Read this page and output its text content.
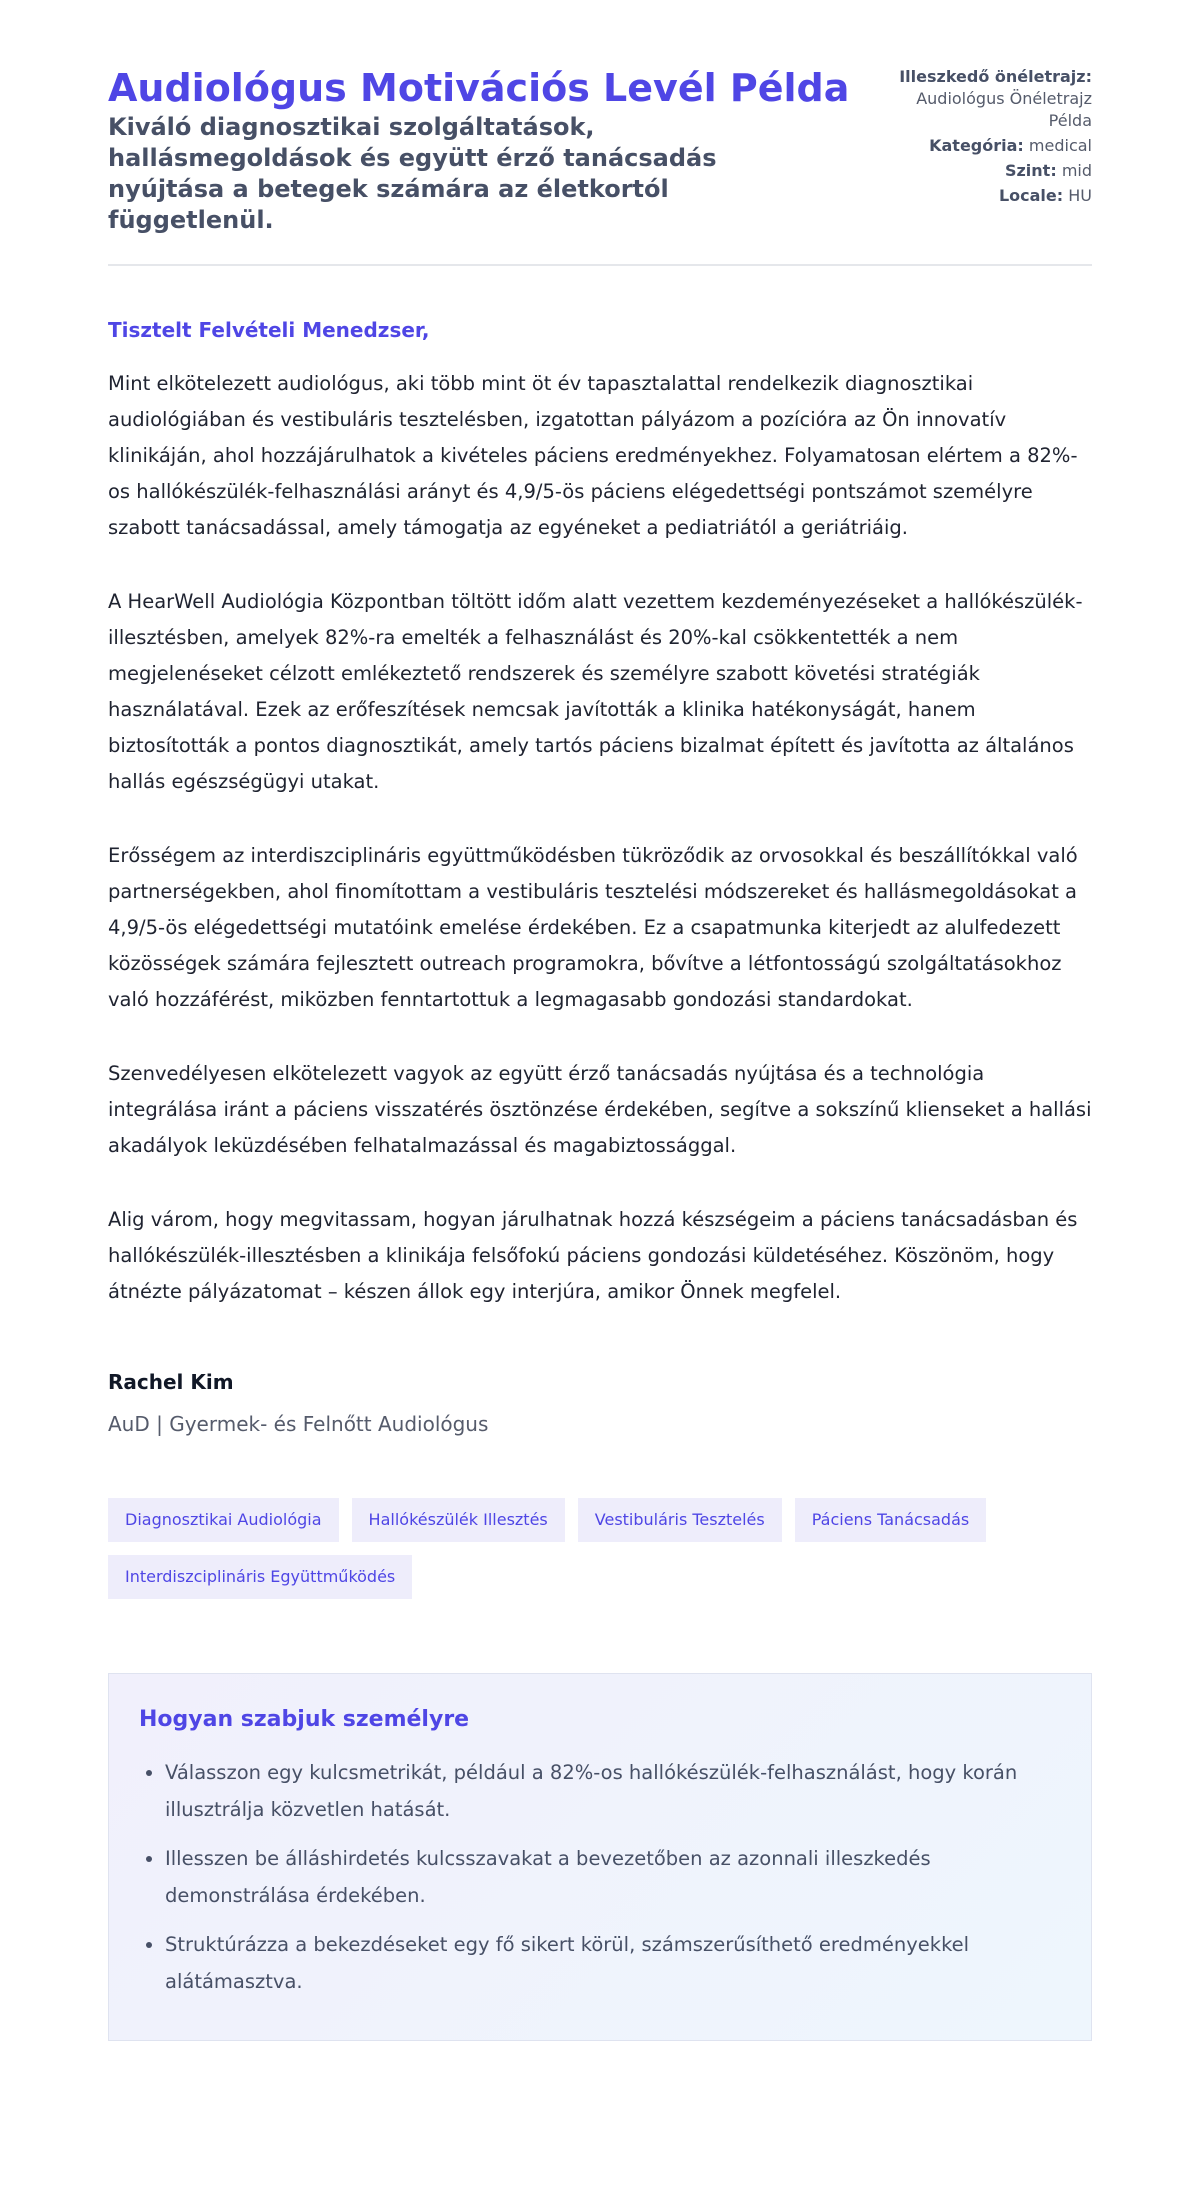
Audiológus Motivációs Levél Példa
Kiváló diagnosztikai szolgáltatások, hallásmegoldások és együtt érző tanácsadás nyújtása a betegek számára az életkortól függetlenül.
Illeszkedő önéletrajz:
Audiológus Önéletrajz Példa
Kategória: medical
Szint: mid
Locale: HU
Tisztelt Felvételi Menedzser,

Mint elkötelezett audiológus, aki több mint öt év tapasztalattal rendelkezik diagnosztikai audiológiában és vestibuláris tesztelésben, izgatottan pályázom a pozícióra az Ön innovatív klinikáján, ahol hozzájárulhatok a kivételes páciens eredményekhez. Folyamatosan elértem a 82%-os hallókészülék-felhasználási arányt és 4,9/5-ös páciens elégedettségi pontszámot személyre szabott tanácsadással, amely támogatja az egyéneket a pediatriától a geriátriáig.

A HearWell Audiológia Központban töltött időm alatt vezettem kezdeményezéseket a hallókészülék-illesztésben, amelyek 82%-ra emelték a felhasználást és 20%-kal csökkentették a nem megjelenéseket célzott emlékeztető rendszerek és személyre szabott követési stratégiák használatával. Ezek az erőfeszítések nemcsak javították a klinika hatékonyságát, hanem biztosították a pontos diagnosztikát, amely tartós páciens bizalmat épített és javította az általános hallás egészségügyi utakat.

Erősségem az interdiszciplináris együttműködésben tükröződik az orvosokkal és beszállítókkal való partnerségekben, ahol finomítottam a vestibuláris tesztelési módszereket és hallásmegoldásokat a 4,9/5-ös elégedettségi mutatóink emelése érdekében. Ez a csapatmunka kiterjedt az alulfedezett közösségek számára fejlesztett outreach programokra, bővítve a létfontosságú szolgáltatásokhoz való hozzáférést, miközben fenntartottuk a legmagasabb gondozási standardokat.

Szenvedélyesen elkötelezett vagyok az együtt érző tanácsadás nyújtása és a technológia integrálása iránt a páciens visszatérés ösztönzése érdekében, segítve a sokszínű klienseket a hallási akadályok leküzdésében felhatalmazással és magabiztossággal.

Alig várom, hogy megvitassam, hogyan járulhatnak hozzá készségeim a páciens tanácsadásban és hallókészülék-illesztésben a klinikája felsőfokú páciens gondozási küldetéséhez. Köszönöm, hogy átnézte pályázatomat – készen állok egy interjúra, amikor Önnek megfelel.

Rachel Kim
AuD | Gyermek- és Felnőtt Audiológus
Diagnosztikai Audiológia	Hallókészülék Illesztés	Vestibuláris Tesztelés	Páciens Tanácsadás
Interdiszciplináris Együttműködés
Hogyan szabjuk személyre
• Válasszon egy kulcsmetrikát, például a 82%-os hallókészülék-felhasználást, hogy korán illusztrálja közvetlen hatását.
• Illesszen be álláshirdetés kulcsszavakat a bevezetőben az azonnali illeszkedés demonstrálása érdekében.
• Struktúrázza a bekezdéseket egy fő sikert körül, számszerűsíthető eredményekkel alátámasztva.
